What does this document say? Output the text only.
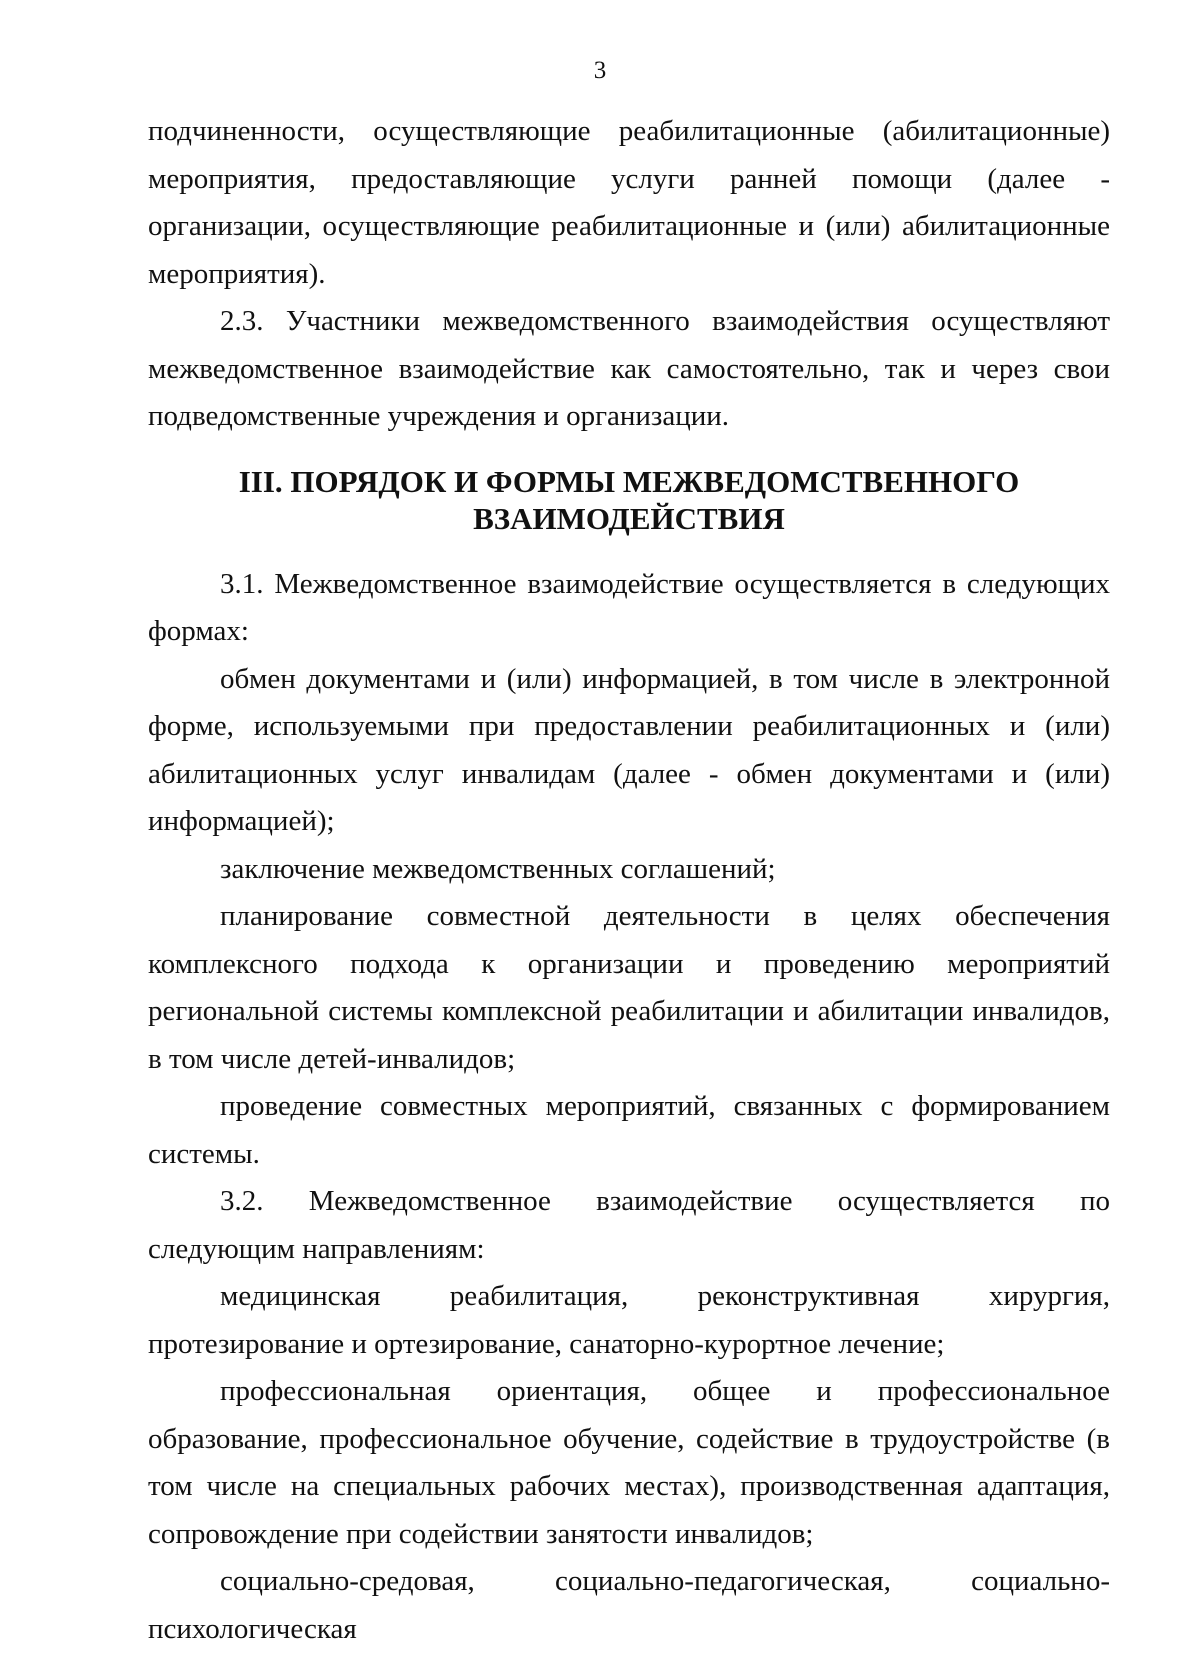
3

подчиненности, осуществляющие реабилитационные (абилитационные) мероприятия, предоставляющие услуги ранней помощи (далее - организации, осуществляющие реабилитационные и (или) абилитационные мероприятия).

2.3. Участники межведомственного взаимодействия осуществляют межведомственное взаимодействие как самостоятельно, так и через свои подведомственные учреждения и организации.

III. ПОРЯДОК И ФОРМЫ МЕЖВЕДОМСТВЕННОГО
ВЗАИМОДЕЙСТВИЯ

3.1. Межведомственное взаимодействие осуществляется в следующих формах:

обмен документами и (или) информацией, в том числе в электронной форме, используемыми при предоставлении реабилитационных и (или) абилитационных услуг инвалидам (далее - обмен документами и (или) информацией);

заключение межведомственных соглашений;

планирование совместной деятельности в целях обеспечения комплексного подхода к организации и проведению мероприятий региональной системы комплексной реабилитации и абилитации инвалидов, в том числе детей-инвалидов;

проведение совместных мероприятий, связанных с формированием системы.

3.2. Межведомственное взаимодействие осуществляется по следующим направлениям:

медицинская реабилитация, реконструктивная хирургия, протезирование и ортезирование, санаторно-курортное лечение;

профессиональная ориентация, общее и профессиональное образование, профессиональное обучение, содействие в трудоустройстве (в том числе на специальных рабочих местах), производственная адаптация, сопровождение при содействии занятости инвалидов;

социально-средовая, социально-педагогическая, социально-психологическая
